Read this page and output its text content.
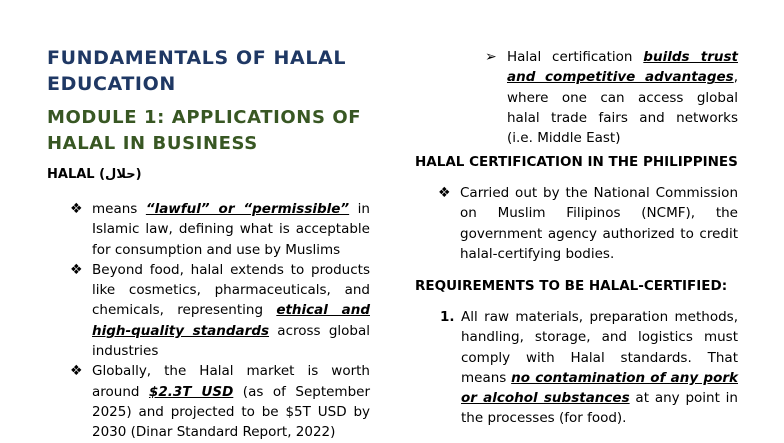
FUNDAMENTALS OF HALAL EDUCATION
MODULE 1: APPLICATIONS OF HALAL IN BUSINESS
HALAL (حلال)
❖ means “lawful” or “permissible” in Islamic law, defining what is acceptable for consumption and use by Muslims
❖ Beyond food, halal extends to products like cosmetics, pharmaceuticals, and chemicals, representing ethical and high-quality standards across global industries
❖ Globally, the Halal market is worth around $2.3T USD (as of September 2025) and projected to be $5T USD by 2030 (Dinar Standard Report, 2022)
➢ Halal certification builds trust and competitive advantages, where one can access global halal trade fairs and networks (i.e. Middle East)
HALAL CERTIFICATION IN THE PHILIPPINES
❖ Carried out by the National Commission on Muslim Filipinos (NCMF), the government agency authorized to credit halal-certifying bodies.
REQUIREMENTS TO BE HALAL-CERTIFIED:
1. All raw materials, preparation methods, handling, storage, and logistics must comply with Halal standards. That means no contamination of any pork or alcohol substances at any point in the processes (for food).
